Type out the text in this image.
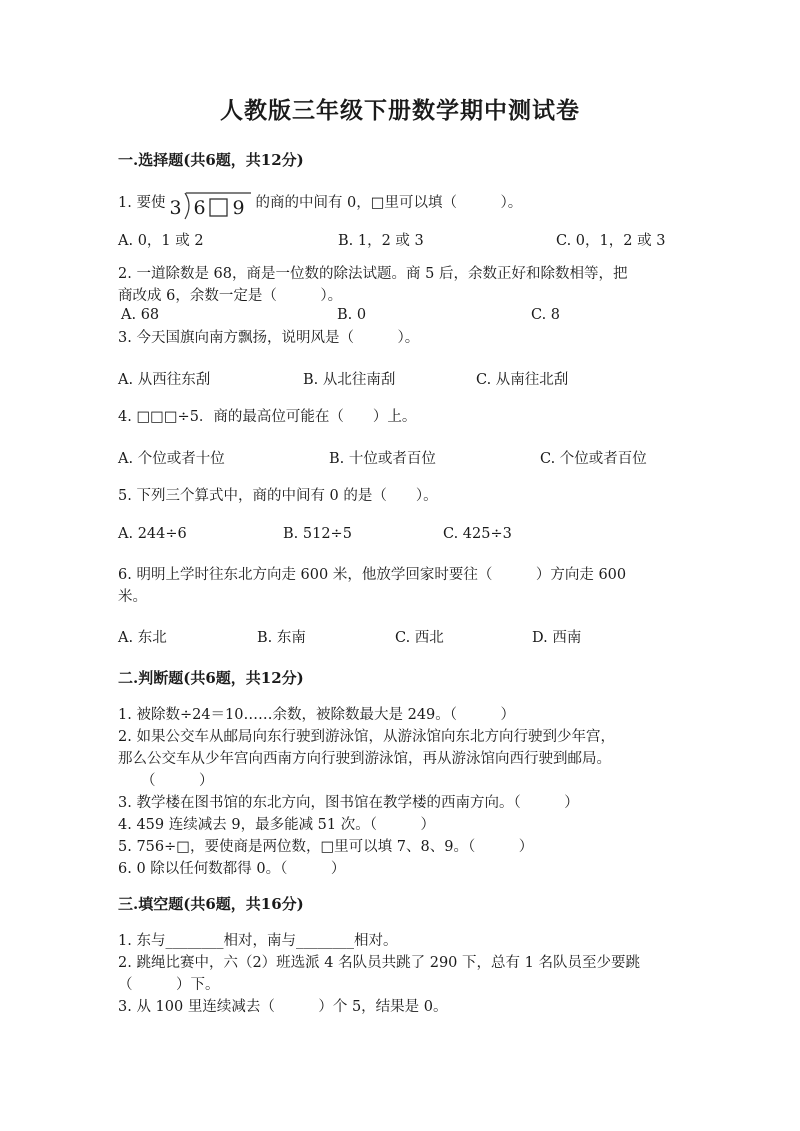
人教版三年级下册数学期中测试卷
一.选择题(共6题，共12分)
1. 要使 3 6 9 的商的中间有 0，□里可以填（　　　）。
A. 0，1 或 2	B. 1，2 或 3	C. 0，1，2 或 3
2. 一道除数是 68，商是一位数的除法试题。商 5 后，余数正好和除数相等，把
商改成 6，余数一定是（　　　）。
A. 68	B. 0	C. 8
3. 今天国旗向南方飘扬，说明风是（　　　）。
A. 从西往东刮	B. 从北往南刮	C. 从南往北刮
4. □□□÷5．商的最高位可能在（　　）上。
A. 个位或者十位	B. 十位或者百位	C. 个位或者百位
5. 下列三个算式中，商的中间有 0 的是（　　）。
A. 244÷6	B. 512÷5	C. 425÷3
6. 明明上学时往东北方向走 600 米，他放学回家时要往（　　　）方向走 600
米。
A. 东北	B. 东南	C. 西北	D. 西南
二.判断题(共6题，共12分)
1. 被除数÷24＝10……余数，被除数最大是 249。（　　　）
2. 如果公交车从邮局向东行驶到游泳馆，从游泳馆向东北方向行驶到少年宫，
那么公交车从少年宫向西南方向行驶到游泳馆，再从游泳馆向西行驶到邮局。
（　　　）
3. 教学楼在图书馆的东北方向，图书馆在教学楼的西南方向。（　　　）
4. 459 连续减去 9，最多能减 51 次。（　　　）
5. 756÷□，要使商是两位数，□里可以填 7、8、9。（　　　）
6. 0 除以任何数都得 0。（　　　）
三.填空题(共6题，共16分)
1. 东与________相对，南与________相对。
2. 跳绳比赛中，六（2）班选派 4 名队员共跳了 290 下，总有 1 名队员至少要跳
（　　　）下。
3. 从 100 里连续减去（　　　）个 5，结果是 0。
